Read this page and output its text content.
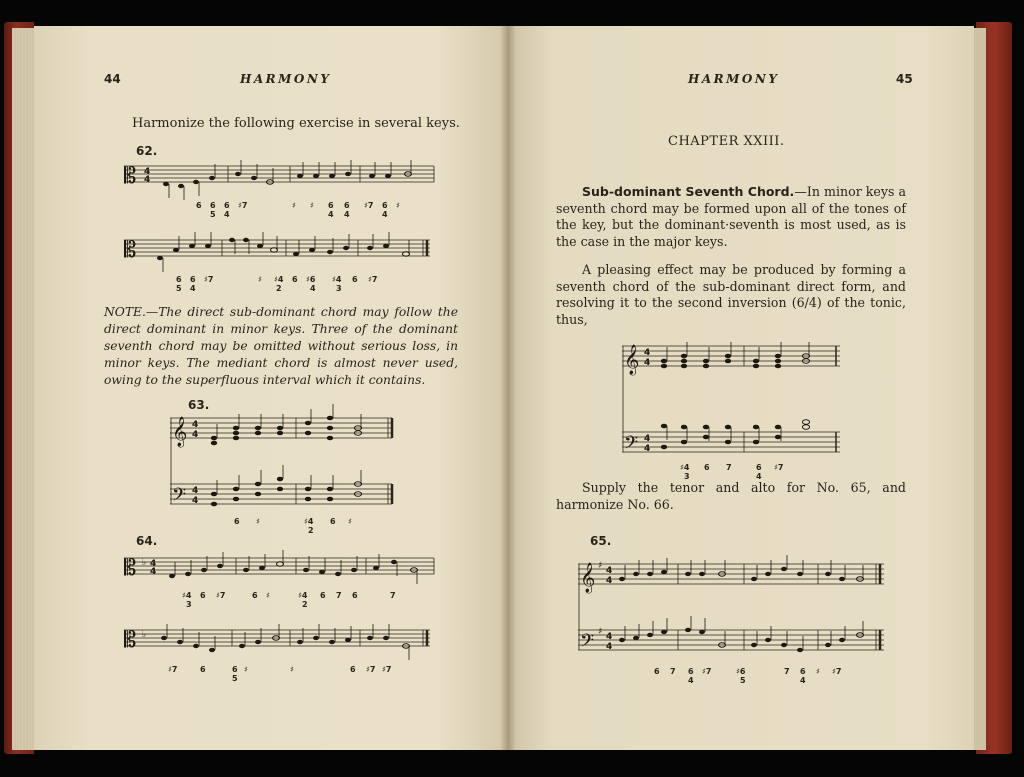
44	HARMONY
Harmonize the following exercise in several keys.
62.
𝄡 4
4
6 6
5
6
4
♯7	♯ ♯ 6
4
6
4
♯7 6
4
♯
𝄡
6
5
6
4
♯7	♯ ♯4
2
6 ♯6
4
♯4
3
6 ♯7
NOTE.—The direct sub-dominant chord may follow the direct dominant in minor keys. Three of the dominant seventh chord may be omitted without serious loss, in minor keys. The mediant chord is almost never used, owing to the superfluous interval which it contains.
63.
𝄞 4
4
𝄢 4
4
6 ♯	♯4
2
6 ♯
64.
𝄡 ♭ 4
4
♯4
3
6 ♯7	6 ♯	♯4
2
6 7 6	7
𝄡 ♭
♯7	6	6
5
♯	♯	6 ♯7 ♯7
HARMONY	45
CHAPTER XXIII.
Sub-dominant Seventh Chord.—In minor keys a seventh chord may be formed upon all of the tones of the key, but the dominant·seventh is most used, as is the case in the major keys.
A pleasing effect may be produced by forming a seventh chord of the sub-dominant direct form, and resolving it to the second inversion (6/4) of the tonic, thus,
𝄞 4
4
𝄢 4
4
♯4
3
6 7	6
4
♯7
Supply the tenor and alto for No. 65, and harmonize No. 66.
65.
𝄞 ♯ 4
4
𝄢 ♯ 4
4
6 7 6
4
♯7	♯6
5
7 6
4
♯ ♯7
